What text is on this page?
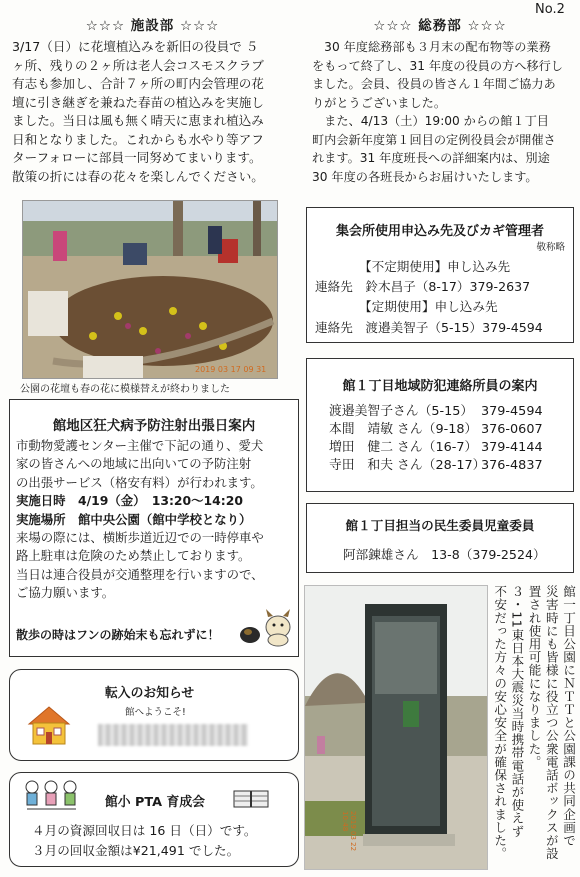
No.2
☆☆☆ 施設部 ☆☆☆
3/17（日）に花壇植込みを新旧の役員で ５
ヶ所、残りの２ヶ所は老人会コスモスクラブ
有志も参加し、合計７ヶ所の町内会管理の花
壇に引き継ぎを兼ねた春苗の植込みを実施し
ました。当日は風も無く晴天に恵まれ植込み
日和となりました。これからも水やり等アフ
ターフォローに部員一同努めてまいります。
散策の折には春の花々を楽しんでください。
2019 03 17 09 31
公園の花壇も春の花に模様替えが終わりました
館地区狂犬病予防注射出張日案内
市動物愛護センター主催で下記の通り、愛犬
家の皆さんへの地域に出向いての予防注射
の出張サービス（格安有料）が行われます。
実施日時　4/19（金）　13:20～14:20
実施場所　館中央公園（館中学校となり）
来場の際には、横断歩道近辺での一時停車や
路上駐車は危険のため禁止しております。
当日は連合役員が交通整理を行いますので、
ご協力願います。
散歩の時はフンの跡始末も忘れずに！
転入のお知らせ
館へようこそ!
館小 PTA 育成会
４月の資源回収日は 16 日（日）です。
３月の回収金額は¥21,491 でした。
☆☆☆ 総務部 ☆☆☆
　30 年度総務部も３月末の配布物等の業務
をもって終了し、31 年度の役員の方へ移行し
ました。会員、役員の皆さん１年間ご協力あ
りがとうございました。
　また、4/13（土）19:00 からの館１丁目
町内会新年度第１回目の定例役員会が開催さ
れます。31 年度班長への詳細案内は、別途
30 年度の各班長からお届けいたします。
集会所使用申込み先及びカギ管理者
敬称略
【不定期使用】申し込み先
連絡先　鈴木昌子（8-17）379-2637
【定期使用】申し込み先
連絡先　渡邉美智子（5-15）379-4594
館１丁目地域防犯連絡所員の案内
渡邉美智子さん（5-15） 379-4594
本間　靖敏 さん（9-18） 376-0607
増田　健二 さん（16-7） 379-4144
寺田　和夫 さん（28-17）
376-4837
館１丁目担当の民生委員児童委員
阿部錬雄さん　13-8（379-2524）
2019 03 22 10:48	館一丁目公園にＮＴＴと公園課の共同企画で
災害時にも皆様に役立つ公衆電話ボックスが設
置され使用可能になりました。
３・11東日本大震災当時携帯電話が使えず
不安だった方々の安心安全が確保されました。
